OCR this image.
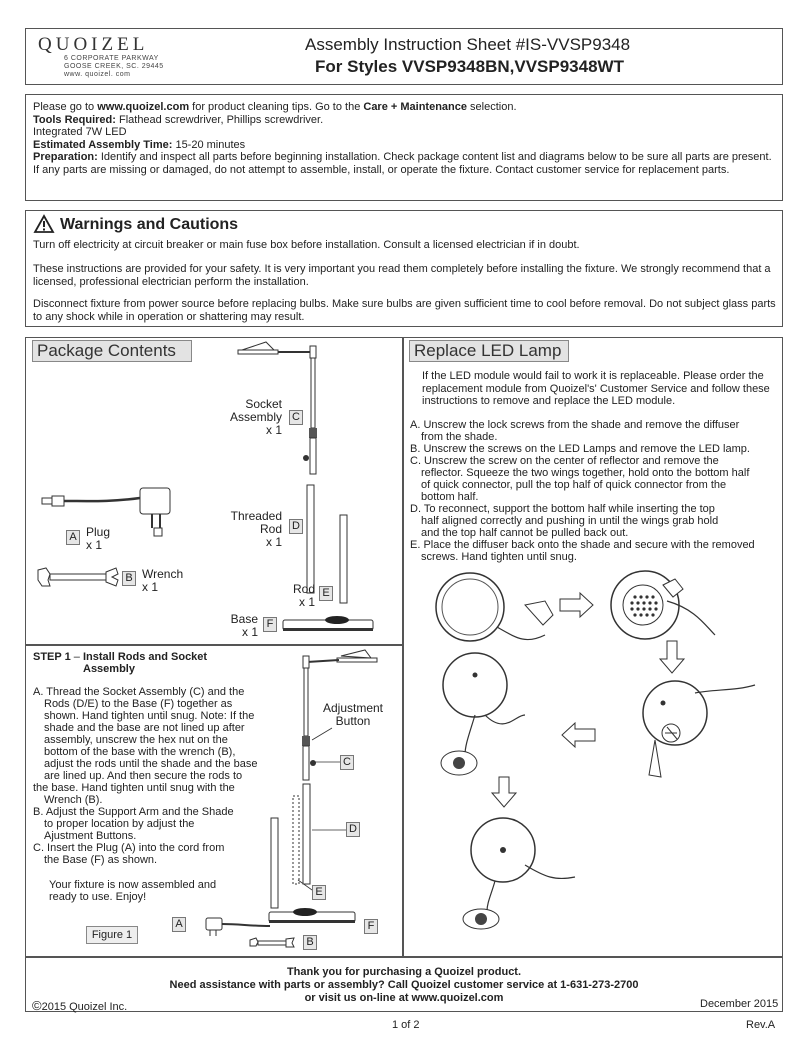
QUOIZEL
6 CORPORATE PARKWAY
GOOSE CREEK, SC. 29445
www. quoizel. com
Assembly Instruction Sheet #IS-VVSP9348
For Styles VVSP9348BN,VVSP9348WT
Please go to www.quoizel.com for product cleaning tips. Go to the Care + Maintenance selection.
Tools Required: Flathead screwdriver, Phillips screwdriver.
Integrated 7W LED
Estimated Assembly Time: 15-20 minutes
Preparation: Identify and inspect all parts before beginning installation. Check package content list and diagrams below to be sure all parts are present. If any parts are missing or damaged, do not attempt to assemble, install, or operate the fixture. Contact customer service for replacement parts.
Warnings and Cautions
Turn off electricity at circuit breaker or main fuse box before installation. Consult a licensed electrician if in doubt.
These instructions are provided for your safety. It is very important you read them completely before installing the fixture. We strongly recommend that a licensed, professional electrician perform the installation.
Disconnect fixture from power source before replacing bulbs. Make sure bulbs are given sufficient time to cool before removal. Do not subject glass parts to any shock while in operation or shattering may result.
Package Contents	Replace LED Lamp
Socket
Assembly
x 1
C
Threaded
Rod
x 1
D
Rod
x 1
E
Base
x 1
F
A Plug
x 1
B Wrench
x 1
STEP 1 – Install Rods and Socket
Assembly

A. Thread the Socket Assembly (C) and the

Rods (D/E) to the Base (F) together as

shown. Hand tighten until snug. Note: If the

shade and the base are not lined up after

assembly, unscrew the hex nut on the

bottom of the base with the wrench (B),

adjust the rods until the shade and the base

are lined up. And then secure the rods to

the base. Hand tighten until snug with the

Wrench (B).

B. Adjust the Support Arm and the Shade

to proper location by adjust the

Ajustment Buttons.

C. Insert the Plug (A) into the cord from

the Base (F) as shown.

Your fixture is now assembled and

ready to use. Enjoy!

Adjustment
Button
C
D
E
F
A
B
Figure 1
If the LED module would fail to work it is replaceable. Please order the replacement module from Quoizel's' Customer Service and follow these instructions to remove and replace the LED module.

A. Unscrew the lock screws from the shade and remove the diffuser

from the shade.

B. Unscrew the screws on the LED Lamps and remove the LED lamp.

C. Unscrew the screw on the center of reflector and remove the

reflector. Squeeze the two wings together, hold onto the bottom half

of quick connector, pull the top half of quick connector from the

bottom half.

D. To reconnect, support the bottom half while inserting the top

half aligned correctly and pushing in until the wings grab hold

and the top half cannot be pulled back out.

E. Place the diffuser back onto the shade and secure with the removed

screws. Hand tighten until snug.

Thank you for purchasing a Quoizel product.
Need assistance with parts or assembly? Call Quoizel customer service at 1-631-273-2700
or visit us on-line at www.quoizel.com
©2015 Quoizel Inc.	December 2015
1 of 2	Rev.A
